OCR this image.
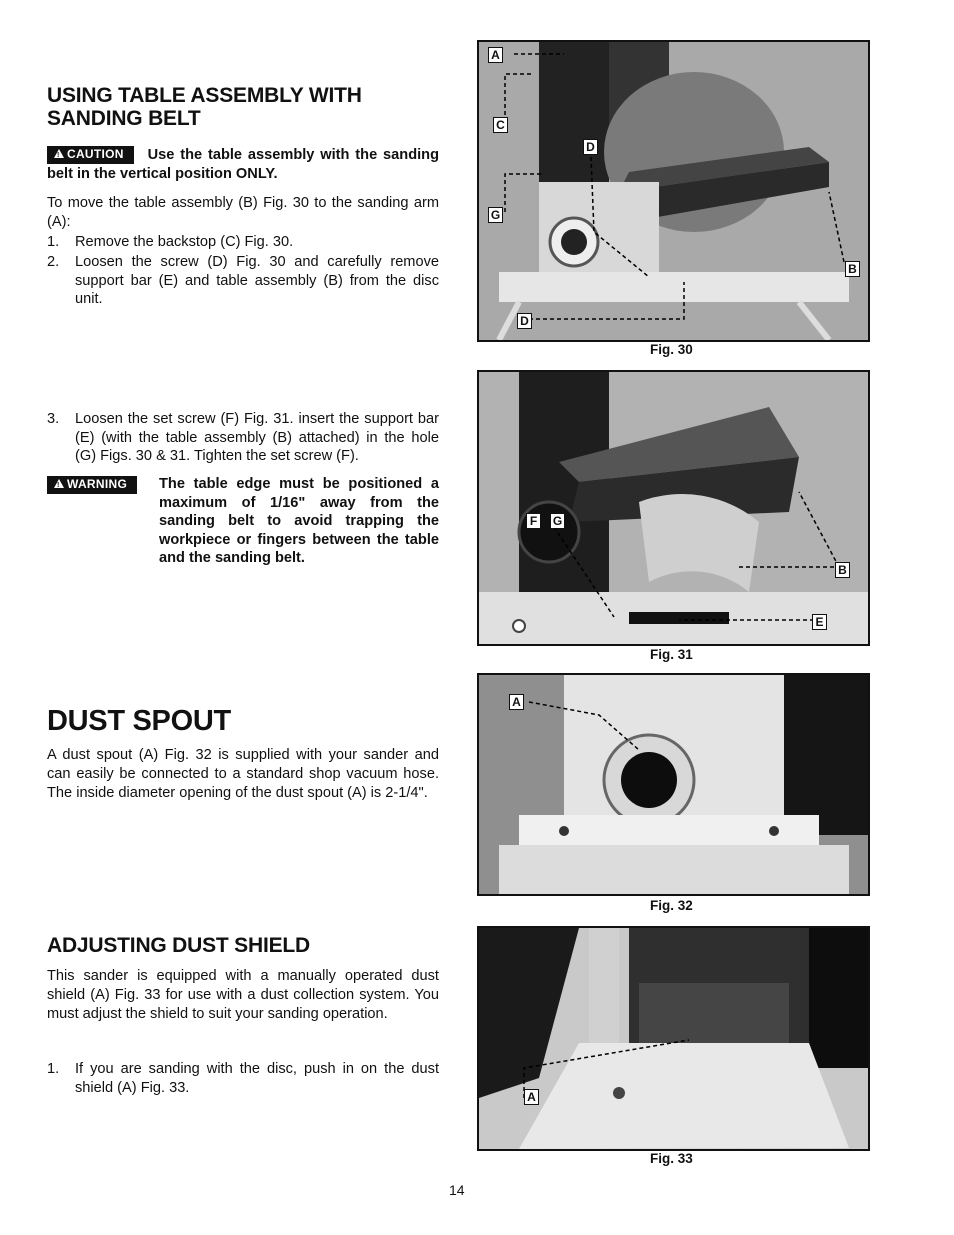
USING TABLE ASSEMBLY WITH SANDING BELT

!CAUTION Use the table assembly with the sanding belt in the vertical position ONLY.

To move the table assembly (B) Fig. 30 to the sanding arm (A):

1. Remove the backstop (C) Fig. 30.
2. Loosen the screw (D) Fig. 30 and carefully remove support bar (E) and table assembly (B) from the disc unit.
3. Loosen the set screw (F) Fig. 31. insert the support bar (E) (with the table assembly (B) attached) in the hole (G) Figs. 30 & 31. Tighten the set screw (F).
!WARNING	The table edge must be positioned a maximum of 1/16" away from the sanding belt to avoid trapping the workpiece or fingers between the table and the sanding belt.
DUST SPOUT

A dust spout (A) Fig. 32 is supplied with your sander and can easily be connected to a standard shop vacuum hose. The inside diameter opening of the dust spout (A) is 2-1/4".

ADJUSTING DUST SHIELD

This sander is equipped with a manually operated dust shield (A) Fig. 33 for use with a dust collection system. You must adjust the shield to suit your sanding operation.

1. If you are sanding with the disc, push in on the dust shield (A) Fig. 33.
A
C
D
G
B
D
Fig. 30
F	G
B
E
Fig. 31
A
Fig. 32
A
Fig. 33
14
